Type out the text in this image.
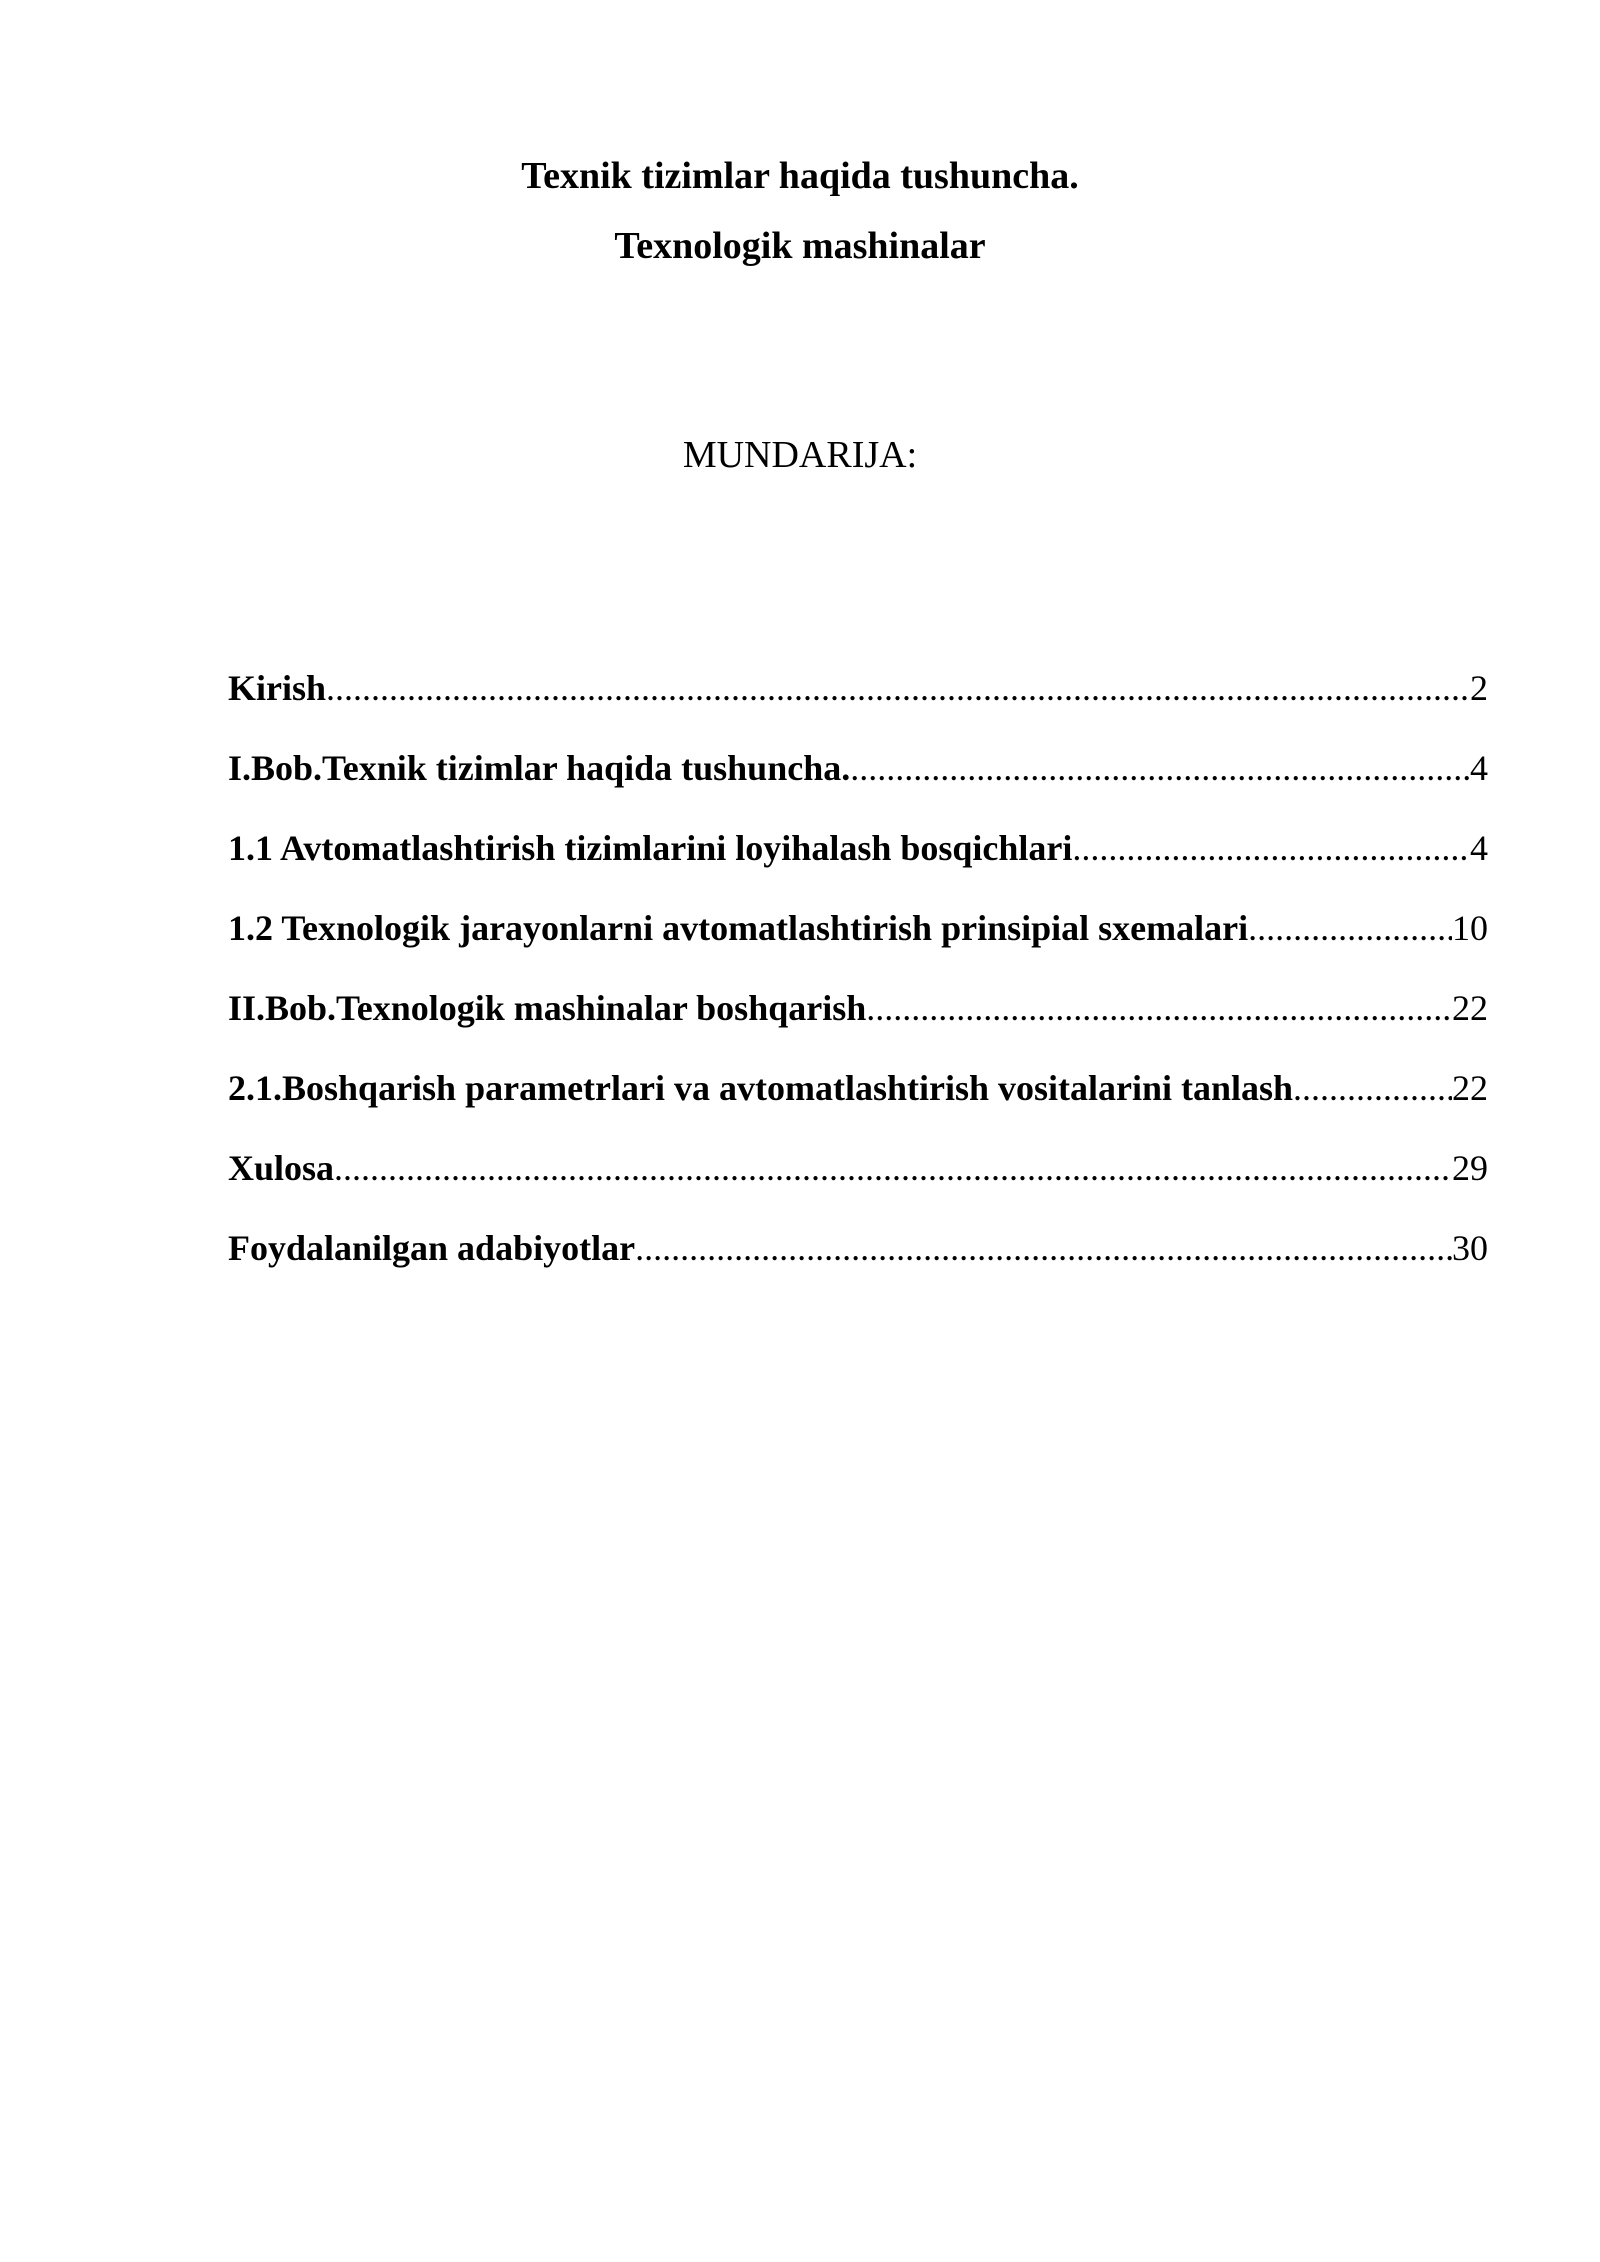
Texnik tizimlar haqida tushuncha.
Texnologik mashinalar
MUNDARIJA:
Kirish .....	2
I.Bob.Texnik tizimlar haqida tushuncha. .....	4
1.1 Avtomatlashtirish tizimlarini loyihalash bosqichlari .....	4
1.2 Texnologik jarayonlarni avtomatlashtirish prinsipial sxemalari .....	10
II.Bob.Texnologik mashinalar boshqarish .....	22
2.1.Boshqarish parametrlari va avtomatlashtirish vositalarini tanlash .....	22
Xulosa .....	29
Foydalanilgan adabiyotlar .....	30
